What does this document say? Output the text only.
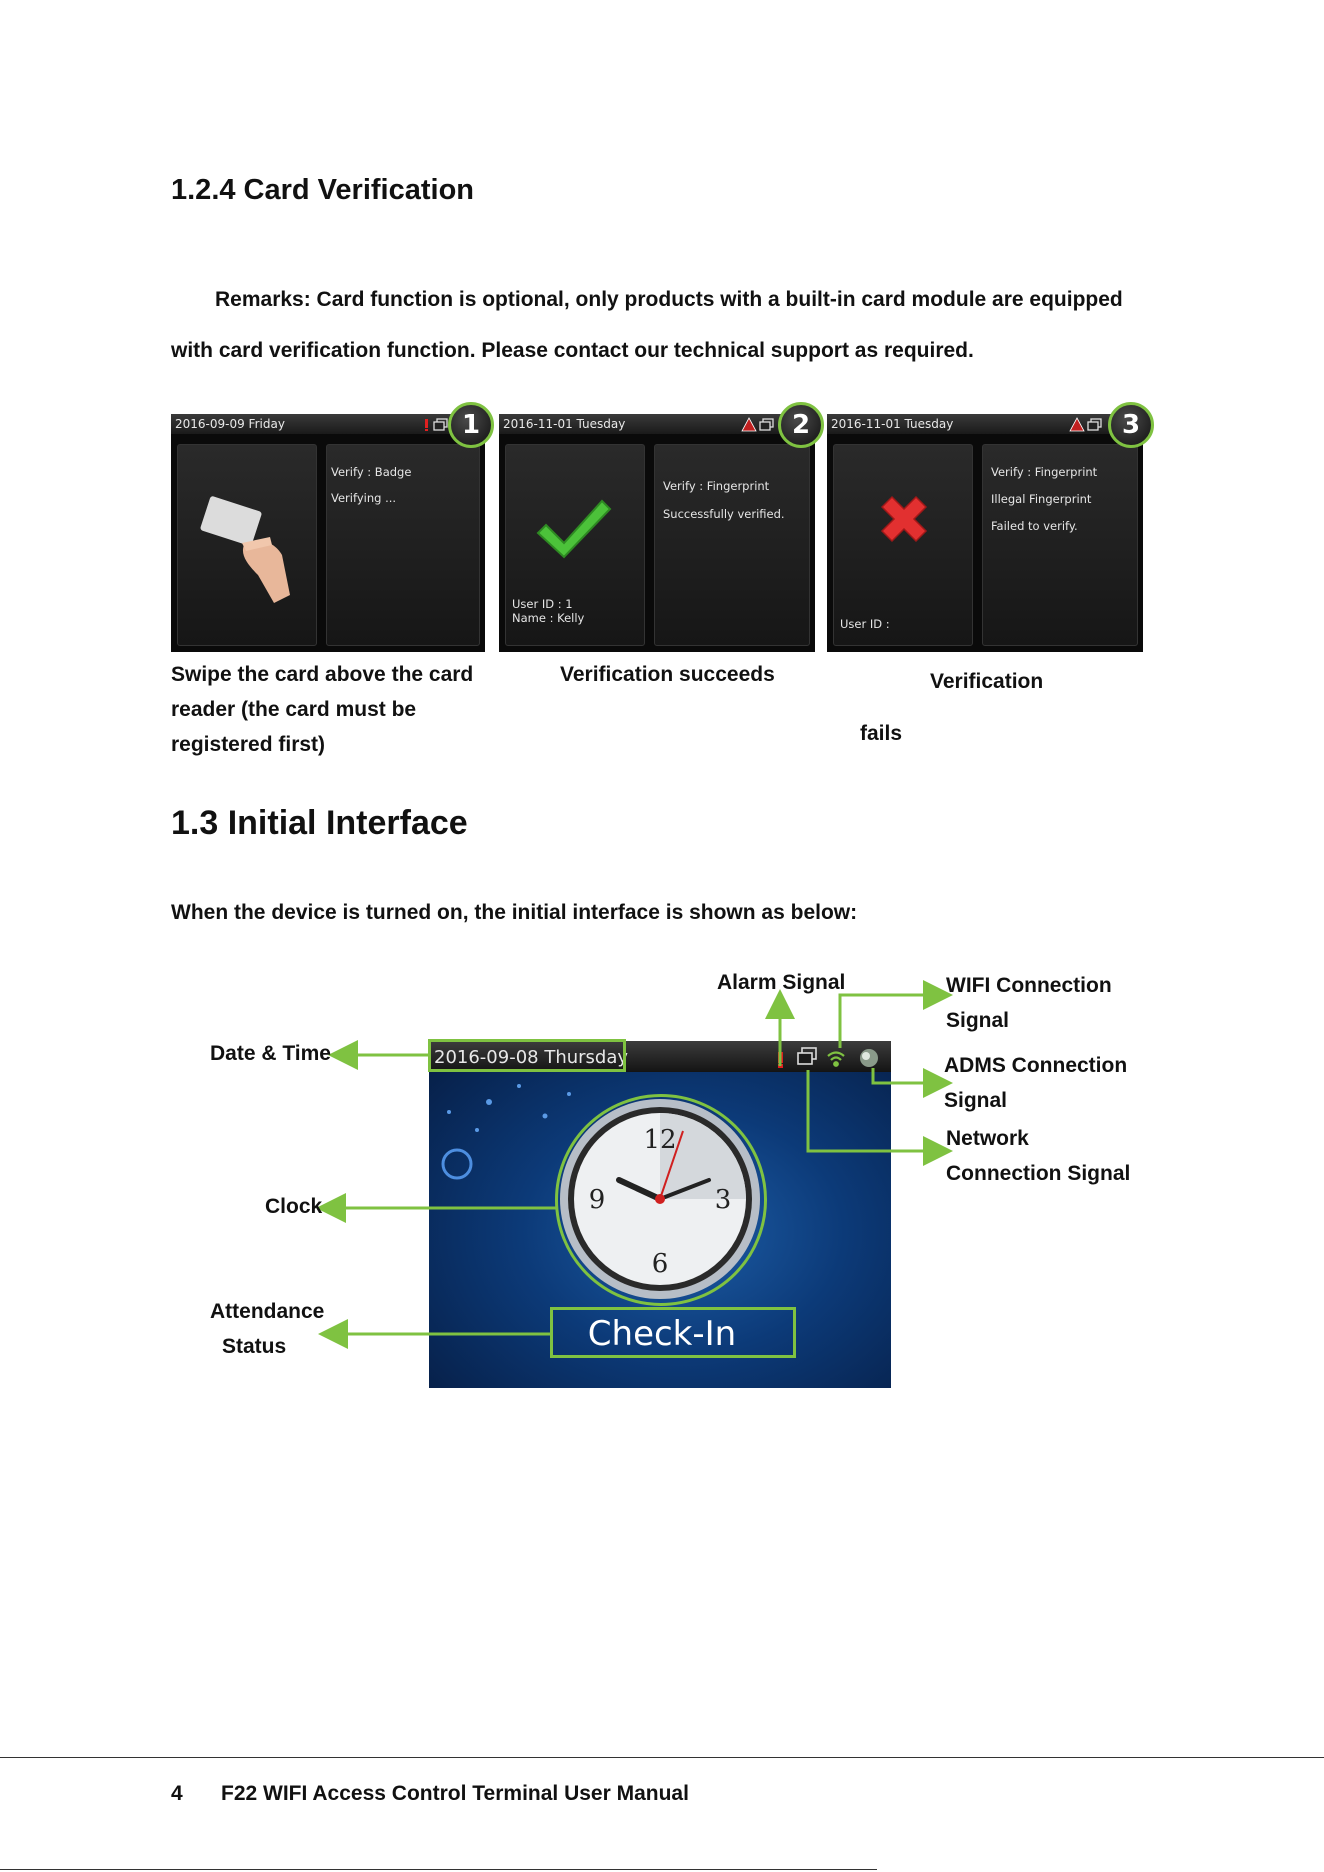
1.2.4 Card Verification
Remarks: Card function is optional, only products with a built-in card module are equipped
with card verification function. Please contact our technical support as required.
2016-09-09 Friday
Verify : Badge
Verifying ...
1	2016-11-01 Tuesday
User ID : 1
Name : Kelly
Verify : Fingerprint
Successfully verified.
2	2016-11-01 Tuesday
User ID :
Verify : Fingerprint
Illegal Fingerprint
Failed to verify.
3
Swipe the card above the card
reader (the card must be
registered first)
Verification succeeds	Verification
fails
1.3 Initial Interface
When the device is turned on, the initial interface is shown as below:
2016-09-08 Thursday
12
3
6
9
Check-In
Date & Time
Clock
Attendance
Status
Alarm Signal	WIFI Connection
Signal
ADMS Connection
Signal
Network
Connection Signal
4 F22 WIFI Access Control Terminal User Manual
